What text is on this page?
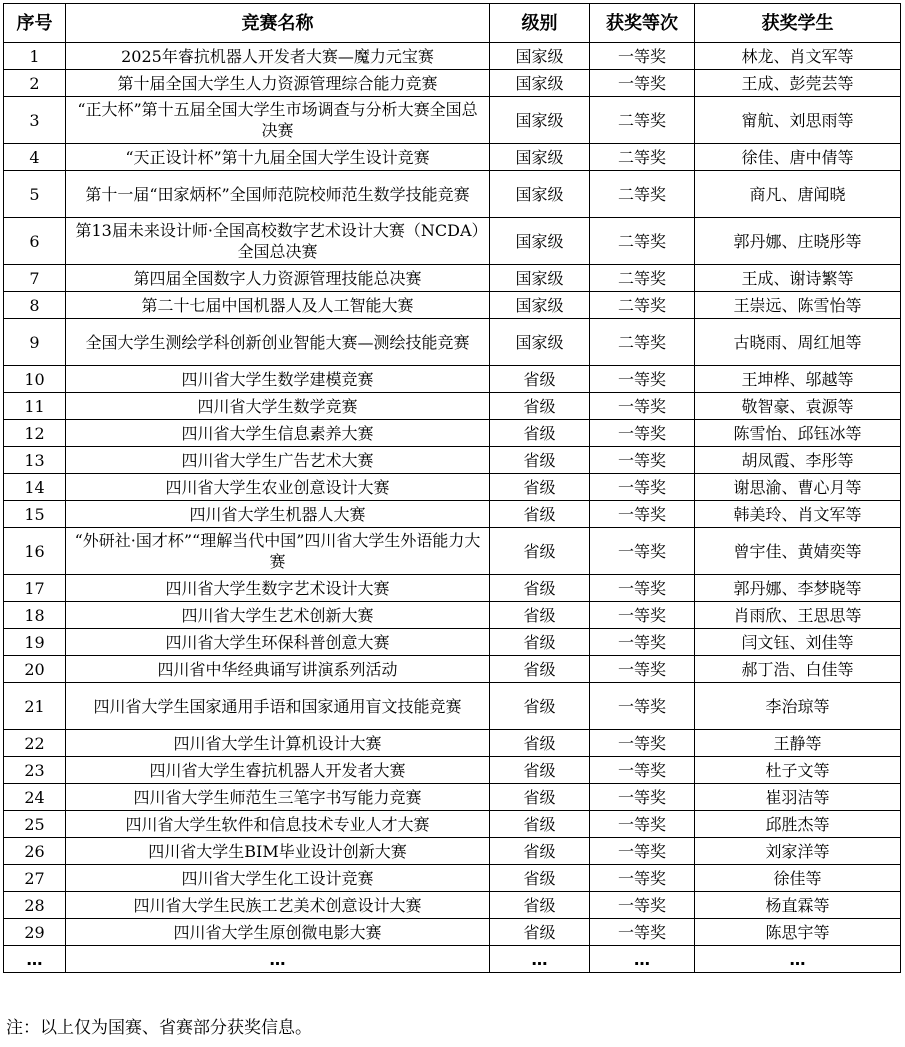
序号	竞赛名称	级别	获奖等次	获奖学生
1	2025年睿抗机器人开发者大赛—魔力元宝赛	国家级	一等奖	林龙、肖文军等
2	第十届全国大学生人力资源管理综合能力竞赛	国家级	一等奖	王成、彭莞芸等
3	“正大杯”第十五届全国大学生市场调查与分析大赛全国总决赛	国家级	二等奖	甯航、刘思雨等
4	“天正设计杯”第十九届全国大学生设计竞赛	国家级	二等奖	徐佳、唐中倩等
5	第十一届“田家炳杯”全国师范院校师范生数学技能竞赛	国家级	二等奖	商凡、唐闻晓
6	第13届未来设计师·全国高校数字艺术设计大赛（NCDA）全国总决赛	国家级	二等奖	郭丹娜、庄晓彤等
7	第四届全国数字人力资源管理技能总决赛	国家级	二等奖	王成、谢诗繁等
8	第二十七届中国机器人及人工智能大赛	国家级	二等奖	王崇远、陈雪怡等
9	全国大学生测绘学科创新创业智能大赛—测绘技能竞赛	国家级	二等奖	古晓雨、周红旭等
10	四川省大学生数学建模竞赛	省级	一等奖	王坤桦、邬越等
11	四川省大学生数学竞赛	省级	一等奖	敬智豪、袁源等
12	四川省大学生信息素养大赛	省级	一等奖	陈雪怡、邱钰冰等
13	四川省大学生广告艺术大赛	省级	一等奖	胡凤霞、李彤等
14	四川省大学生农业创意设计大赛	省级	一等奖	谢思渝、曹心月等
15	四川省大学生机器人大赛	省级	一等奖	韩美玲、肖文军等
16	“外研社·国才杯”“理解当代中国”四川省大学生外语能力大赛	省级	一等奖	曾宇佳、黄婧奕等
17	四川省大学生数字艺术设计大赛	省级	一等奖	郭丹娜、李梦晓等
18	四川省大学生艺术创新大赛	省级	一等奖	肖雨欣、王思思等
19	四川省大学生环保科普创意大赛	省级	一等奖	闫文钰、刘佳等
20	四川省中华经典诵写讲演系列活动	省级	一等奖	郝丁浩、白佳等
21	四川省大学生国家通用手语和国家通用盲文技能竞赛	省级	一等奖	李治琼等
22	四川省大学生计算机设计大赛	省级	一等奖	王静等
23	四川省大学生睿抗机器人开发者大赛	省级	一等奖	杜子文等
24	四川省大学生师范生三笔字书写能力竞赛	省级	一等奖	崔羽洁等
25	四川省大学生软件和信息技术专业人才大赛	省级	一等奖	邱胜杰等
26	四川省大学生BIM毕业设计创新大赛	省级	一等奖	刘家洋等
27	四川省大学生化工设计竞赛	省级	一等奖	徐佳等
28	四川省大学生民族工艺美术创意设计大赛	省级	一等奖	杨直霖等
29	四川省大学生原创微电影大赛	省级	一等奖	陈思宇等
…	…	…	…	…
注：以上仅为国赛、省赛部分获奖信息。
